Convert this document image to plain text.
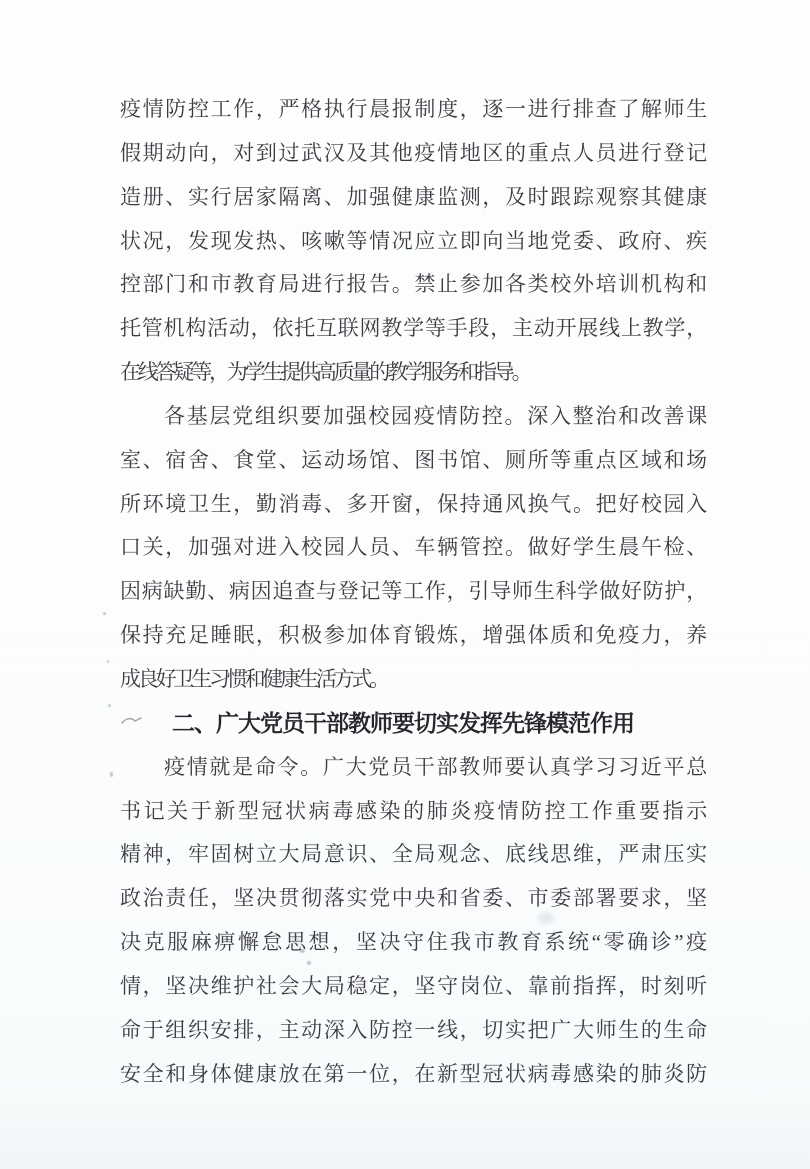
疫情防控工作，严格执行晨报制度，逐一进行排查了解师生
假期动向，对到过武汉及其他疫情地区的重点人员进行登记
造册、实行居家隔离、加强健康监测，及时跟踪观察其健康
状况，发现发热、咳嗽等情况应立即向当地党委、政府、疾
控部门和市教育局进行报告。禁止参加各类校外培训机构和
托管机构活动，依托互联网教学等手段，主动开展线上教学，
在线答疑等，为学生提供高质量的教学服务和指导。
各基层党组织要加强校园疫情防控。深入整治和改善课
室、宿舍、食堂、运动场馆、图书馆、厕所等重点区域和场
所环境卫生，勤消毒、多开窗，保持通风换气。把好校园入
口关，加强对进入校园人员、车辆管控。做好学生晨午检、
因病缺勤、病因追查与登记等工作，引导师生科学做好防护，
保持充足睡眠，积极参加体育锻炼，增强体质和免疫力，养
成良好卫生习惯和健康生活方式。
二、广大党员干部教师要切实发挥先锋模范作用
疫情就是命令。广大党员干部教师要认真学习习近平总
书记关于新型冠状病毒感染的肺炎疫情防控工作重要指示
精神，牢固树立大局意识、全局观念、底线思维，严肃压实
政治责任，坚决贯彻落实党中央和省委、市委部署要求，坚
决克服麻痹懈怠思想，坚决守住我市教育系统“零确诊”疫
情，坚决维护社会大局稳定，坚守岗位、靠前指挥，时刻听
命于组织安排，主动深入防控一线，切实把广大师生的生命
安全和身体健康放在第一位，在新型冠状病毒感染的肺炎防
